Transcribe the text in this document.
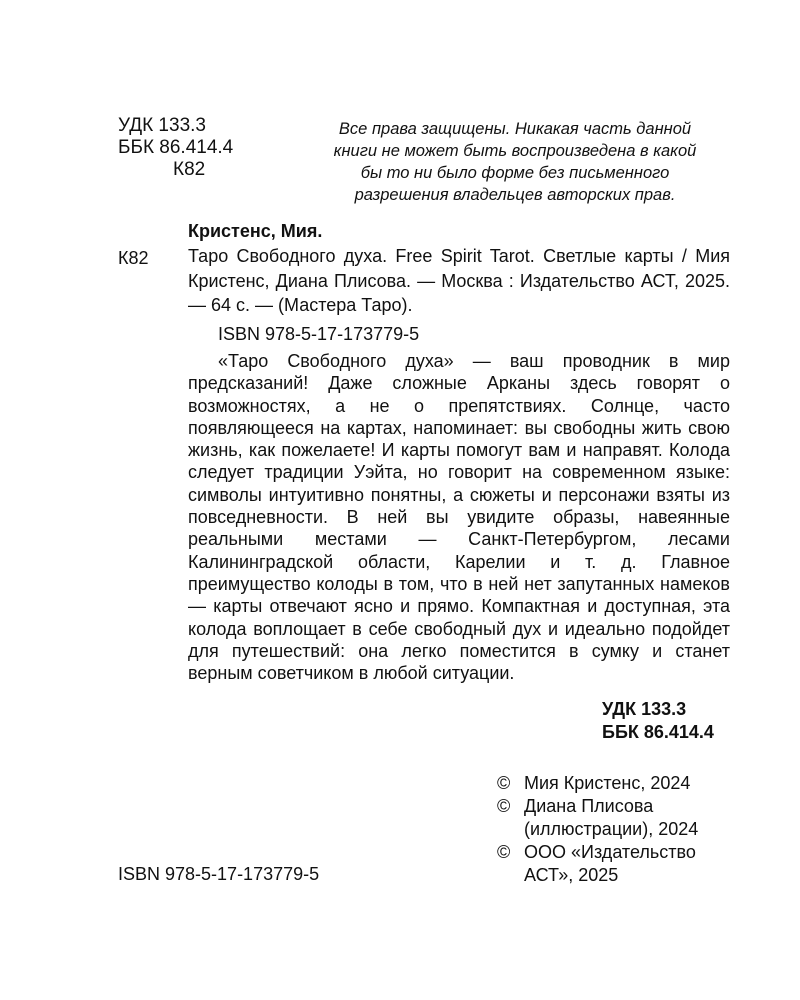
УДК 133.3
ББК 86.414.4
К82
Все права защищены. Никакая часть данной
книги не может быть воспроизведена в какой
бы то ни было форме без письменного
разрешения владельцев авторских прав.
Кристенс, Мия.
К82 Таро Свободного духа. Free Spirit Tarot. Светлые карты / Мия Кристенс, Диана Плисова. — Москва : Издательство АСТ, 2025. — 64 с. — (Мастера Таро).
ISBN 978-5-17-173779-5

«Таро Свободного духа» — ваш проводник в мир предсказаний! Даже сложные Арканы здесь говорят о возможностях, а не о препятствиях. Солнце, часто появляющееся на картах, напоминает: вы свободны жить свою жизнь, как пожелаете! И карты помогут вам и направят. Колода следует традиции Уэйта, но говорит на современном языке: символы интуитивно понятны, а сюжеты и персонажи взяты из повседневности. В ней вы увидите образы, навеянные реальными местами — Санкт-Петербургом, лесами Калининградской области, Карелии и т. д. Главное преимущество колоды в том, что в ней нет запутанных намеков — карты отвечают ясно и прямо. Компактная и доступная, эта колода воплощает в себе свободный дух и идеально подойдет для путешествий: она легко поместится в сумку и станет верным советчиком в любой ситуации.

УДК 133.3
ББК 86.414.4
© Мия Кристенс, 2024
© Диана Плисова
(иллюстрации), 2024
© ООО «Издательство
АСТ», 2025
ISBN 978-5-17-173779-5
